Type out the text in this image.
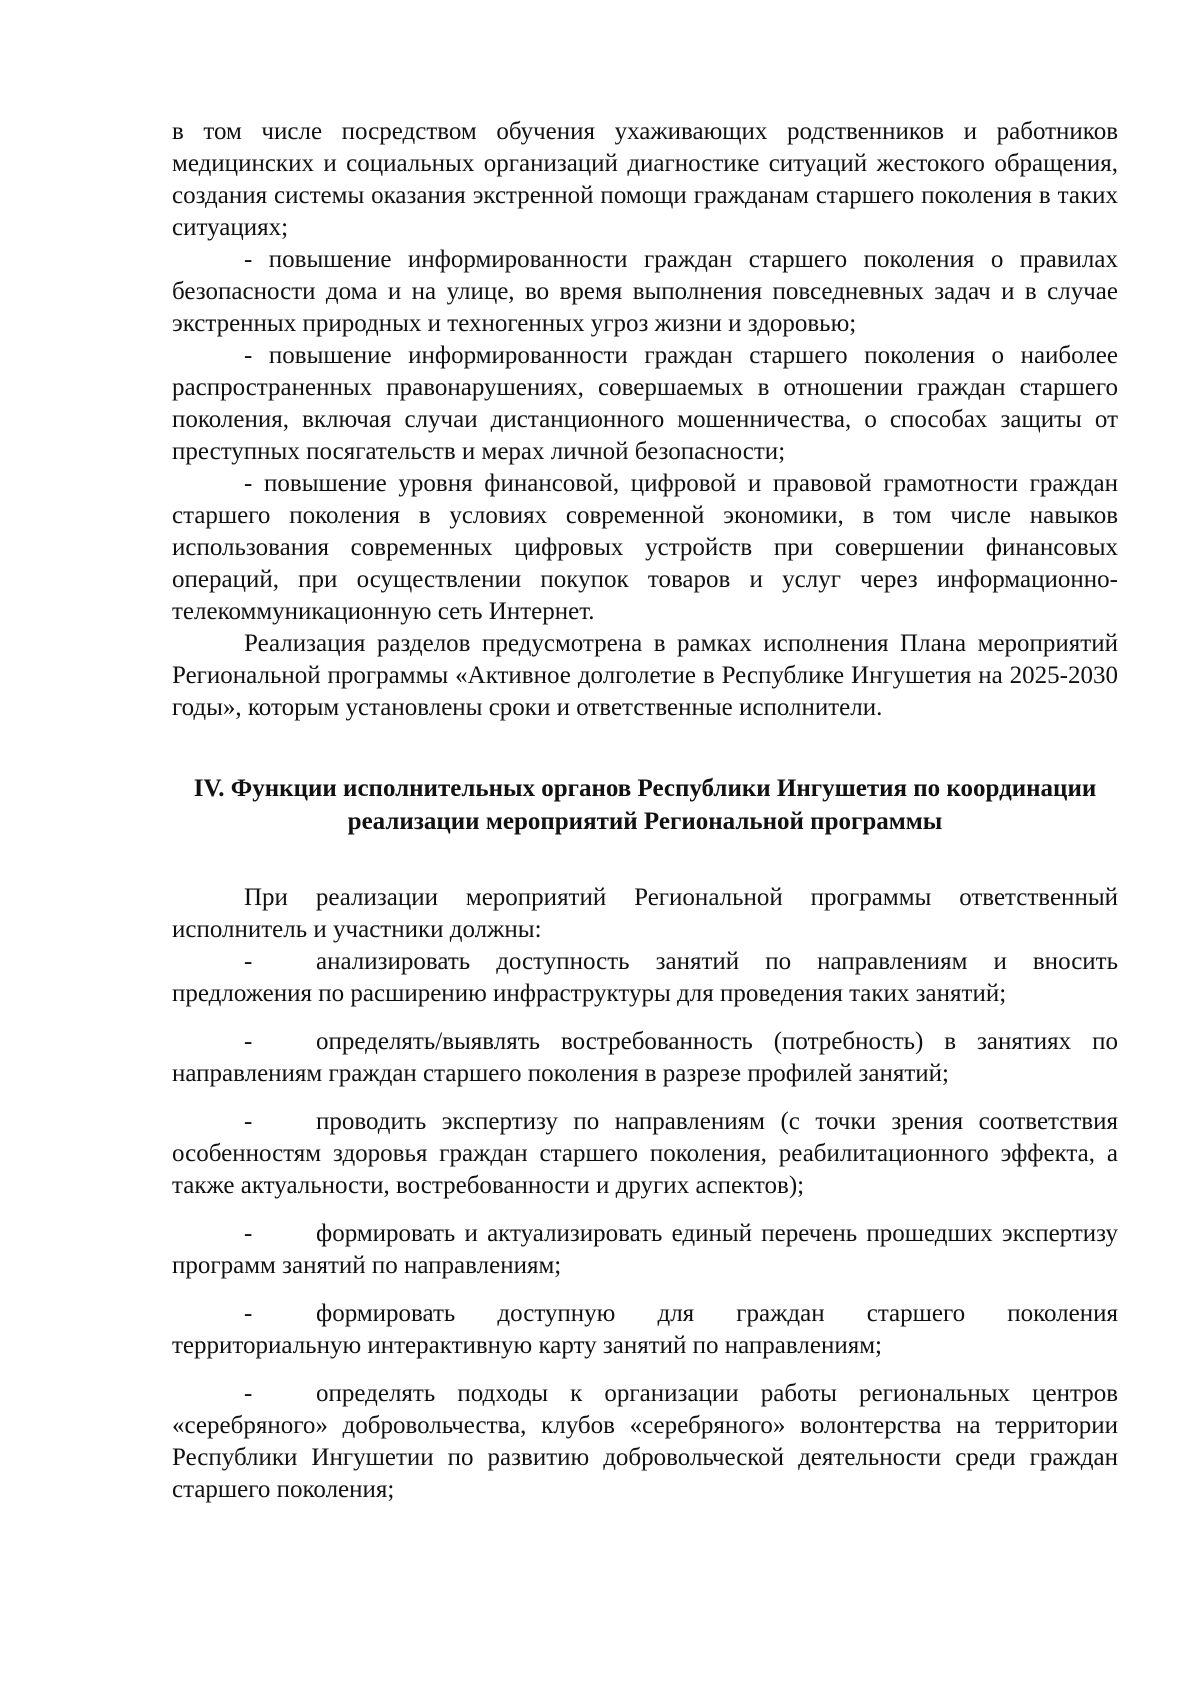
в том числе посредством обучения ухаживающих родственников и работников медицинских и социальных организаций диагностике ситуаций жестокого обращения, создания системы оказания экстренной помощи гражданам старшего поколения в таких ситуациях;

- повышение информированности граждан старшего поколения о правилах безопасности дома и на улице, во время выполнения повседневных задач и в случае экстренных природных и техногенных угроз жизни и здоровью;

- повышение информированности граждан старшего поколения о наиболее распространенных правонарушениях, совершаемых в отношении граждан старшего поколения, включая случаи дистанционного мошенничества, о способах защиты от преступных посягательств и мерах личной безопасности;

- повышение уровня финансовой, цифровой и правовой грамотности граждан старшего поколения в условиях современной экономики, в том числе навыков использования современных цифровых устройств при совершении финансовых операций, при осуществлении покупок товаров и услуг через информационно-телекоммуникационную сеть Интернет.

Реализация разделов предусмотрена в рамках исполнения Плана мероприятий Региональной программы «Активное долголетие в Республике Ингушетия на 2025-2030 годы», которым установлены сроки и ответственные исполнители.

IV. Функции исполнительных органов Республики Ингушетия по координации реализации мероприятий Региональной программы

При реализации мероприятий Региональной программы ответственный исполнитель и участники должны:

-	анализировать доступность занятий по направлениям и вносить предложения по расширению инфраструктуры для проведения таких занятий;

-	определять/выявлять востребованность (потребность) в занятиях по направлениям граждан старшего поколения в разрезе профилей занятий;

-	проводить экспертизу по направлениям (с точки зрения соответствия особенностям здоровья граждан старшего поколения, реабилитационного эффекта, а также актуальности, востребованности и других аспектов);

-	формировать и актуализировать единый перечень прошедших экспертизу программ занятий по направлениям;

-	формировать доступную для граждан старшего поколения территориальную интерактивную карту занятий по направлениям;

-	определять подходы к организации работы региональных центров «серебряного» добровольчества, клубов «серебряного» волонтерства на территории Республики Ингушетии по развитию добровольческой деятельности среди граждан старшего поколения;
